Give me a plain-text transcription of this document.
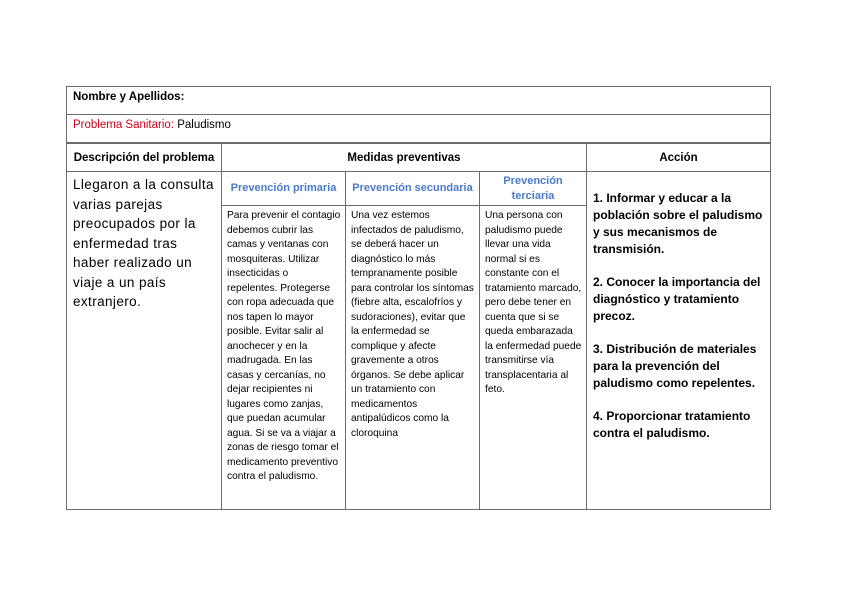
Nombre y Apellidos:
Problema Sanitario: Paludismo
Descripción del problema	Medidas preventivas	Acción
Llegaron a la consulta varias parejas preocupados por la enfermedad tras haber realizado un viaje a un país extranjero.
Prevención primaria Prevención secundaria
Prevención terciaria
Para prevenir el contagio debemos cubrir las camas y ventanas con mosquiteras. Utilizar insecticidas o repelentes. Protegerse con ropa adecuada que nos tapen lo mayor posible. Evitar salir al anochecer y en la madrugada. En las casas y cercanías, no dejar recipientes ni lugares como zanjas, que puedan acumular agua. Si se va a viajar a zonas de riesgo tomar el medicamento preventivo contra el paludismo.
Una vez estemos infectados de paludismo, se deberá hacer un diagnóstico lo más tempranamente posible para controlar los síntomas (fiebre alta, escalofríos y sudoraciones), evitar que la enfermedad se complique y afecte gravemente a otros órganos. Se debe aplicar un tratamiento con medicamentos antipalúdicos como la cloroquina
Una persona con paludismo puede llevar una vida normal si es constante con el tratamiento marcado, pero debe tener en cuenta que si se queda embarazada la enfermedad puede transmitirse vía transplacentaria al feto.

1. Informar y educar a la población sobre el paludismo y sus mecanismos de transmisión.

2. Conocer la importancia del diagnóstico y tratamiento precoz.

3. Distribución de materiales para la prevención del paludismo como repelentes.

4. Proporcionar tratamiento contra el paludismo.
